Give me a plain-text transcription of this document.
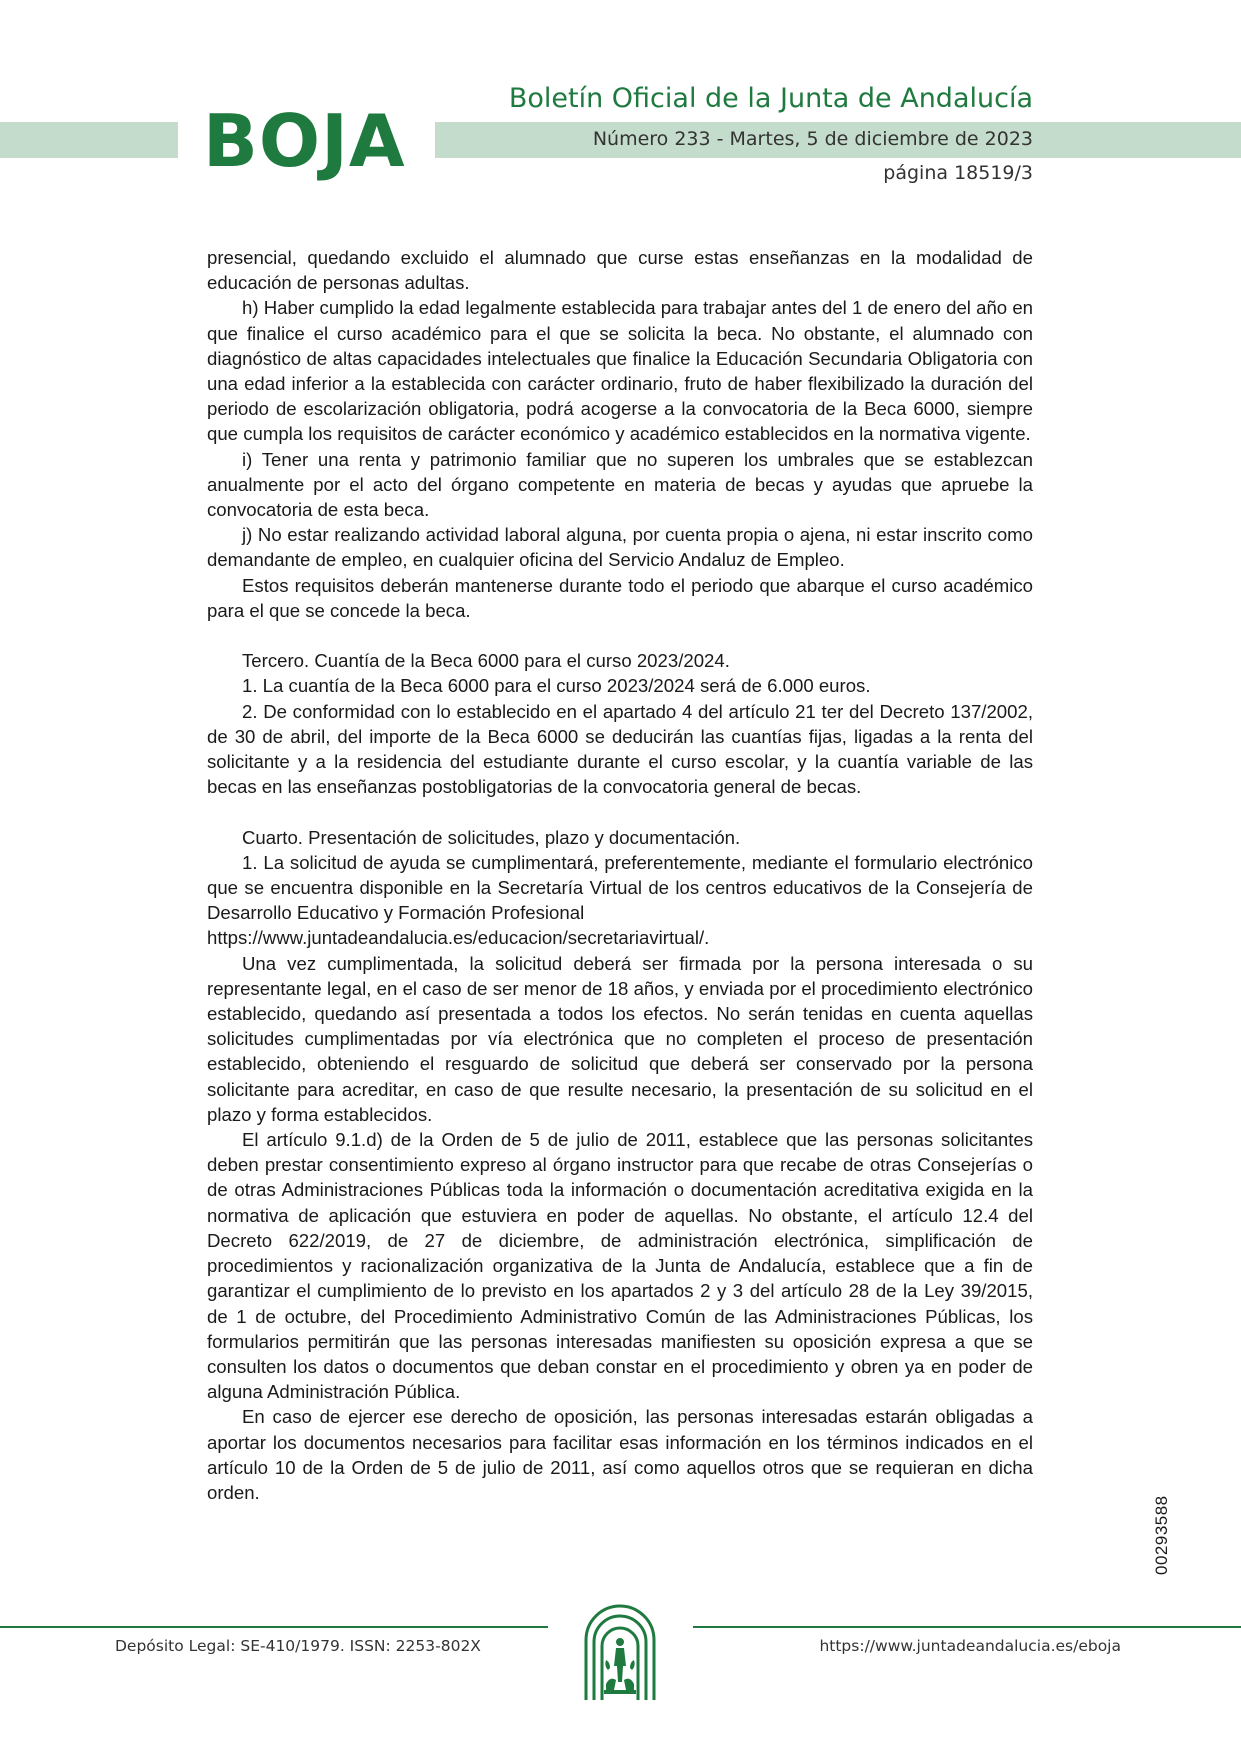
BOJA
Boletín Oficial de la Junta de Andalucía
Número 233 - Martes, 5 de diciembre de 2023
página 18519/3

presencial, quedando excluido el alumnado que curse estas enseñanzas en la modalidad de educación de personas adultas.

h) Haber cumplido la edad legalmente establecida para trabajar antes del 1 de enero del año en que finalice el curso académico para el que se solicita la beca. No obstante, el alumnado con diagnóstico de altas capacidades intelectuales que finalice la Educación Secundaria Obligatoria con una edad inferior a la establecida con carácter ordinario, fruto de haber flexibilizado la duración del periodo de escolarización obligatoria, podrá acogerse a la convocatoria de la Beca 6000, siempre que cumpla los requisitos de carácter económico y académico establecidos en la normativa vigente.

i) Tener una renta y patrimonio familiar que no superen los umbrales que se establezcan anualmente por el acto del órgano competente en materia de becas y ayudas que apruebe la convocatoria de esta beca.

j) No estar realizando actividad laboral alguna, por cuenta propia o ajena, ni estar inscrito como demandante de empleo, en cualquier oficina del Servicio Andaluz de Empleo.

Estos requisitos deberán mantenerse durante todo el periodo que abarque el curso académico para el que se concede la beca.

Tercero. Cuantía de la Beca 6000 para el curso 2023/2024.

1. La cuantía de la Beca 6000 para el curso 2023/2024 será de 6.000 euros.

2. De conformidad con lo establecido en el apartado 4 del artículo 21 ter del Decreto 137/2002, de 30 de abril, del importe de la Beca 6000 se deducirán las cuantías fijas, ligadas a la renta del solicitante y a la residencia del estudiante durante el curso escolar, y la cuantía variable de las becas en las enseñanzas postobligatorias de la convocatoria general de becas.

Cuarto. Presentación de solicitudes, plazo y documentación.

1. La solicitud de ayuda se cumplimentará, preferentemente, mediante el formulario electrónico que se encuentra disponible en la Secretaría Virtual de los centros educativos de la Consejería de Desarrollo Educativo y Formación Profesional

https://www.juntadeandalucia.es/educacion/secretariavirtual/.

Una vez cumplimentada, la solicitud deberá ser firmada por la persona interesada o su representante legal, en el caso de ser menor de 18 años, y enviada por el procedimiento electrónico establecido, quedando así presentada a todos los efectos. No serán tenidas en cuenta aquellas solicitudes cumplimentadas por vía electrónica que no completen el proceso de presentación establecido, obteniendo el resguardo de solicitud que deberá ser conservado por la persona solicitante para acreditar, en caso de que resulte necesario, la presentación de su solicitud en el plazo y forma establecidos.

El artículo 9.1.d) de la Orden de 5 de julio de 2011, establece que las personas solicitantes deben prestar consentimiento expreso al órgano instructor para que recabe de otras Consejerías o de otras Administraciones Públicas toda la información o documentación acreditativa exigida en la normativa de aplicación que estuviera en poder de aquellas. No obstante, el artículo 12.4 del Decreto 622/2019, de 27 de diciembre, de administración electrónica, simplificación de procedimientos y racionalización organizativa de la Junta de Andalucía, establece que a fin de garantizar el cumplimiento de lo previsto en los apartados 2 y 3 del artículo 28 de la Ley 39/2015, de 1 de octubre, del Procedimiento Administrativo Común de las Administraciones Públicas, los formularios permitirán que las personas interesadas manifiesten su oposición expresa a que se consulten los datos o documentos que deban constar en el procedimiento y obren ya en poder de alguna Administración Pública.

En caso de ejercer ese derecho de oposición, las personas interesadas estarán obligadas a aportar los documentos necesarios para facilitar esas información en los términos indicados en el artículo 10 de la Orden de 5 de julio de 2011, así como aquellos otros que se requieran en dicha orden.

00293588
Depósito Legal: SE-410/1979. ISSN: 2253-802X	https://www.juntadeandalucia.es/eboja
